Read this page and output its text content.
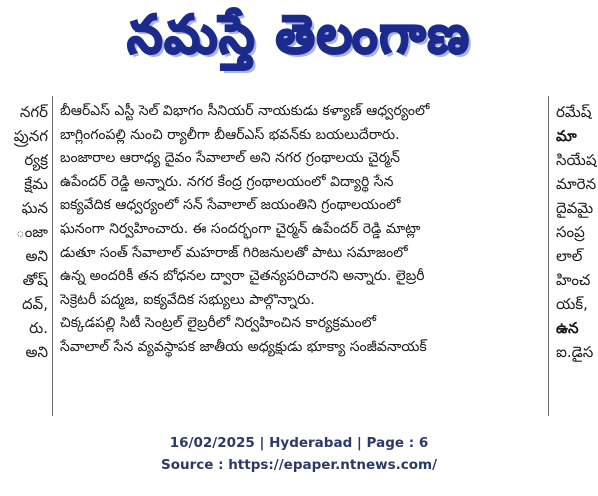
నమస్తే తెలంగాణ
నగర్
ప్రునగ
ర్యక్ర
క్షేమ
ఘన
ంజా
అని
తోష్
దవ్,
రు.
అని
బీఆర్ఎస్ ఎస్టీ సెల్ విభాగం సీనియర్ నాయకుడు కళ్యాణ్ ఆధ్వర్యంలో
బాగ్లింగంపల్లి నుంచి ర్యాలీగా బీఆర్ఎస్ భవన్‌కు బయలుదేరారు.
బంజారాల ఆరాధ్య దైవం సేవాలాల్ అని నగర గ్రంథాలయ చైర్మన్
ఉపేందర్ రెడ్డి అన్నారు. నగర కేంద్ర గ్రంథాలయంలో విద్యార్థి సేన
ఐక్యవేదిక ఆధ్వర్యంలో సన్ సేవాలాల్ జయంతిని గ్రంథాలయంలో
ఘనంగా నిర్వహించారు. ఈ సందర్భంగా చైర్మన్ ఉపేందర్ రెడ్డి మాట్లా
డుతూ సంత్ సేవాలాల్ మహరాజ్ గిరిజనులతో పాటు సమాజంలో
ఉన్న అందరికీ తన బోధనల ద్వారా చైతన్యపరిచారని అన్నారు. లైబ్రరీ
సెక్రెటరీ పద్మజ, ఐక్యవేదిక సభ్యులు పాల్గొన్నారు.
చిక్కడపల్లి సిటీ సెంట్రల్ లైబ్రరీలో నిర్వహించిన కార్యక్రమంలో
సేవాలాల్ సేన వ్యవస్థాపక జాతీయ అధ్యక్షుడు భూక్యా సంజీవనాయక్
రమేష్
మా
సియేష
మారెన
దైవమై
సంప్ర
లాల్
హించ
యక్,
ఉన
ఐ.డైస
16/02/2025 | Hyderabad | Page : 6
Source : https://epaper.ntnews.com/
